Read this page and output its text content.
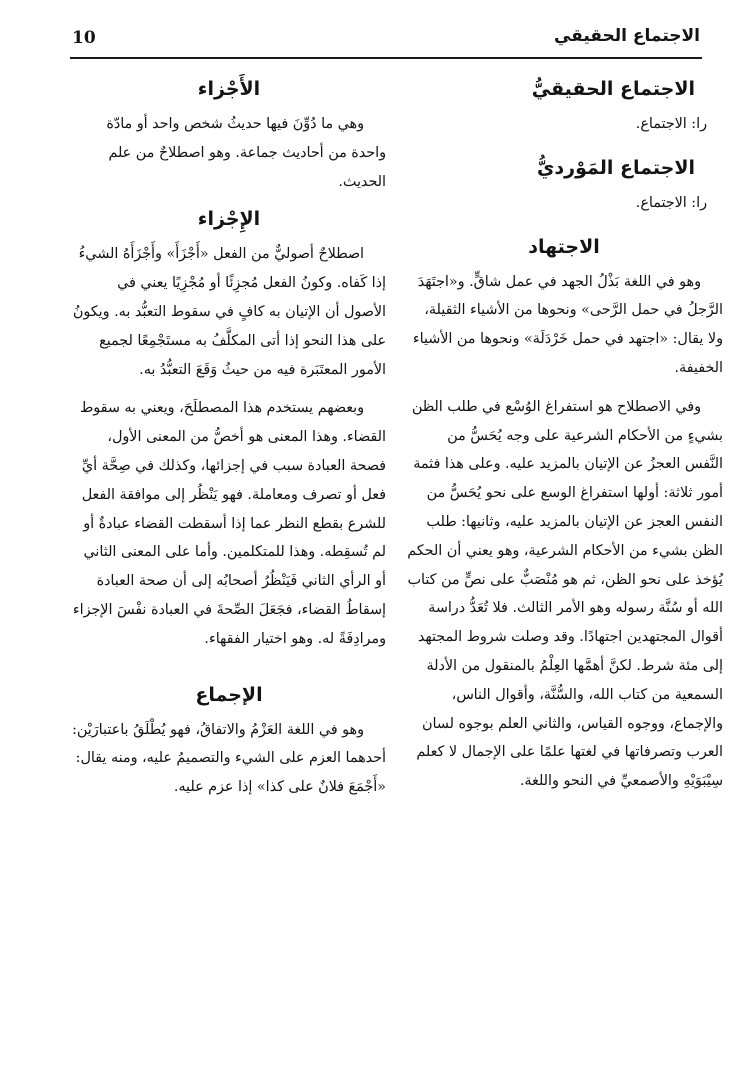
الاجتماع الحقيقي
10
الاجتماع الحقيقيُّ
را: الاجتماع.
الاجتماع المَوْرديُّ
را: الاجتماع.
الاجتهاد
وهو في اللغة بَذْلُ الجهد في عمل شاقٍّ. و«اجتَهَدَ الرَّجلُ في حمل الرَّحى» ونحوها من الأشياء الثقيلة، ولا يقال: «اجتهد في حمل خَرْدَلَة» ونحوها من الأشياء الخفيفة.
وفي الاصطلاح هو استفراغ الوُسْع في طلب الظن بشيءٍ من الأحكام الشرعية على وجه يُحَسُّ من النَّفس العجزُ عن الإتيان بالمزيد عليه. وعلى هذا فثمة أمور ثلاثة: أولها استفراغ الوسع على نحو يُحَسُّ من النفس العجز عن الإتيان بالمزيد عليه، وثانيها: طلب الظن بشيء من الأحكام الشرعية، وهو يعني أن الحكم يُؤخذ على نحو الظن، ثم هو مُنْصَبٌّ على نصٍّ من كتاب الله أو سُنَّة رسوله وهو الأمر الثالث. فلا تُعَدُّ دراسة أقوال المجتهدين اجتهادًا. وقد وصلت شروط المجتهد إلى مئة شرط. لكنَّ أهمَّها العِلْمُ بالمنقول من الأدلة السمعية من كتاب الله، والسُّنَّة، وأقوال الناس، والإجماع، ووجوه القياس، والثاني العلم بوجوه لسان العرب وتصرفاتها في لغتها علمًا على الإجمال لا كعلم سِيْبَوَيْهِ والأصمعيِّ في النحو واللغة.
الأَجْزاء
وهي ما دُوِّنَ فيها حديثُ شخص واحد أو مادّة واحدة من أحاديث جماعة. وهو اصطلاحٌ من علم الحديث.
الإِجْزاء
اصطلاحٌ أصوليٌّ من الفعل «أَجْزَأَ» وأَجْزَأَهُ الشيءُ إذا كَفاه. وكونُ الفعل مُجزِئًا أو مُجْزِيًا يعني في الأصول أن الإتيان به كافٍ في سقوط التعبُّد به. ويكونُ على هذا النحو إذا أتى المكلَّفُ به مستَجْمِعًا لجميع الأمور المعتَبَرة فيه من حيثُ وَقَعَ التعبُّدُ به.
وبعضهم يستخدم هذا المصطلَحَ، ويعني به سقوط القضاء. وهذا المعنى هو أخصُّ من المعنى الأول، فصحة العبادة سبب في إجزائها، وكذلك في صِحَّة أيِّ فعل أو تصرف ومعاملة. فهو يَنْظُر إلى موافقة الفعل للشرع بقطع النظر عما إذا أسقطت القضاء عبادةٌ أو لم تُسقِطه. وهذا للمتكلمين. وأما على المعنى الثاني أو الرأي الثاني فَيَنْظُرُ أصحابُه إلى أن صحة العبادة إسقاطُ القضاء، فجَعَلَ الصِّحةَ في العبادة نفْسَ الإجزاء ومرادِفَةً له. وهو اختيار الفقهاء.
الإجماع
وهو في اللغة العَزْمُ والاتفاقُ، فهو يُطْلَقُ باعتبارَيْن: أحدهما العزم على الشيء والتصميمُ عليه، ومنه يقال: «أَجْمَعَ فلانٌ على كذا» إذا عزم عليه.
